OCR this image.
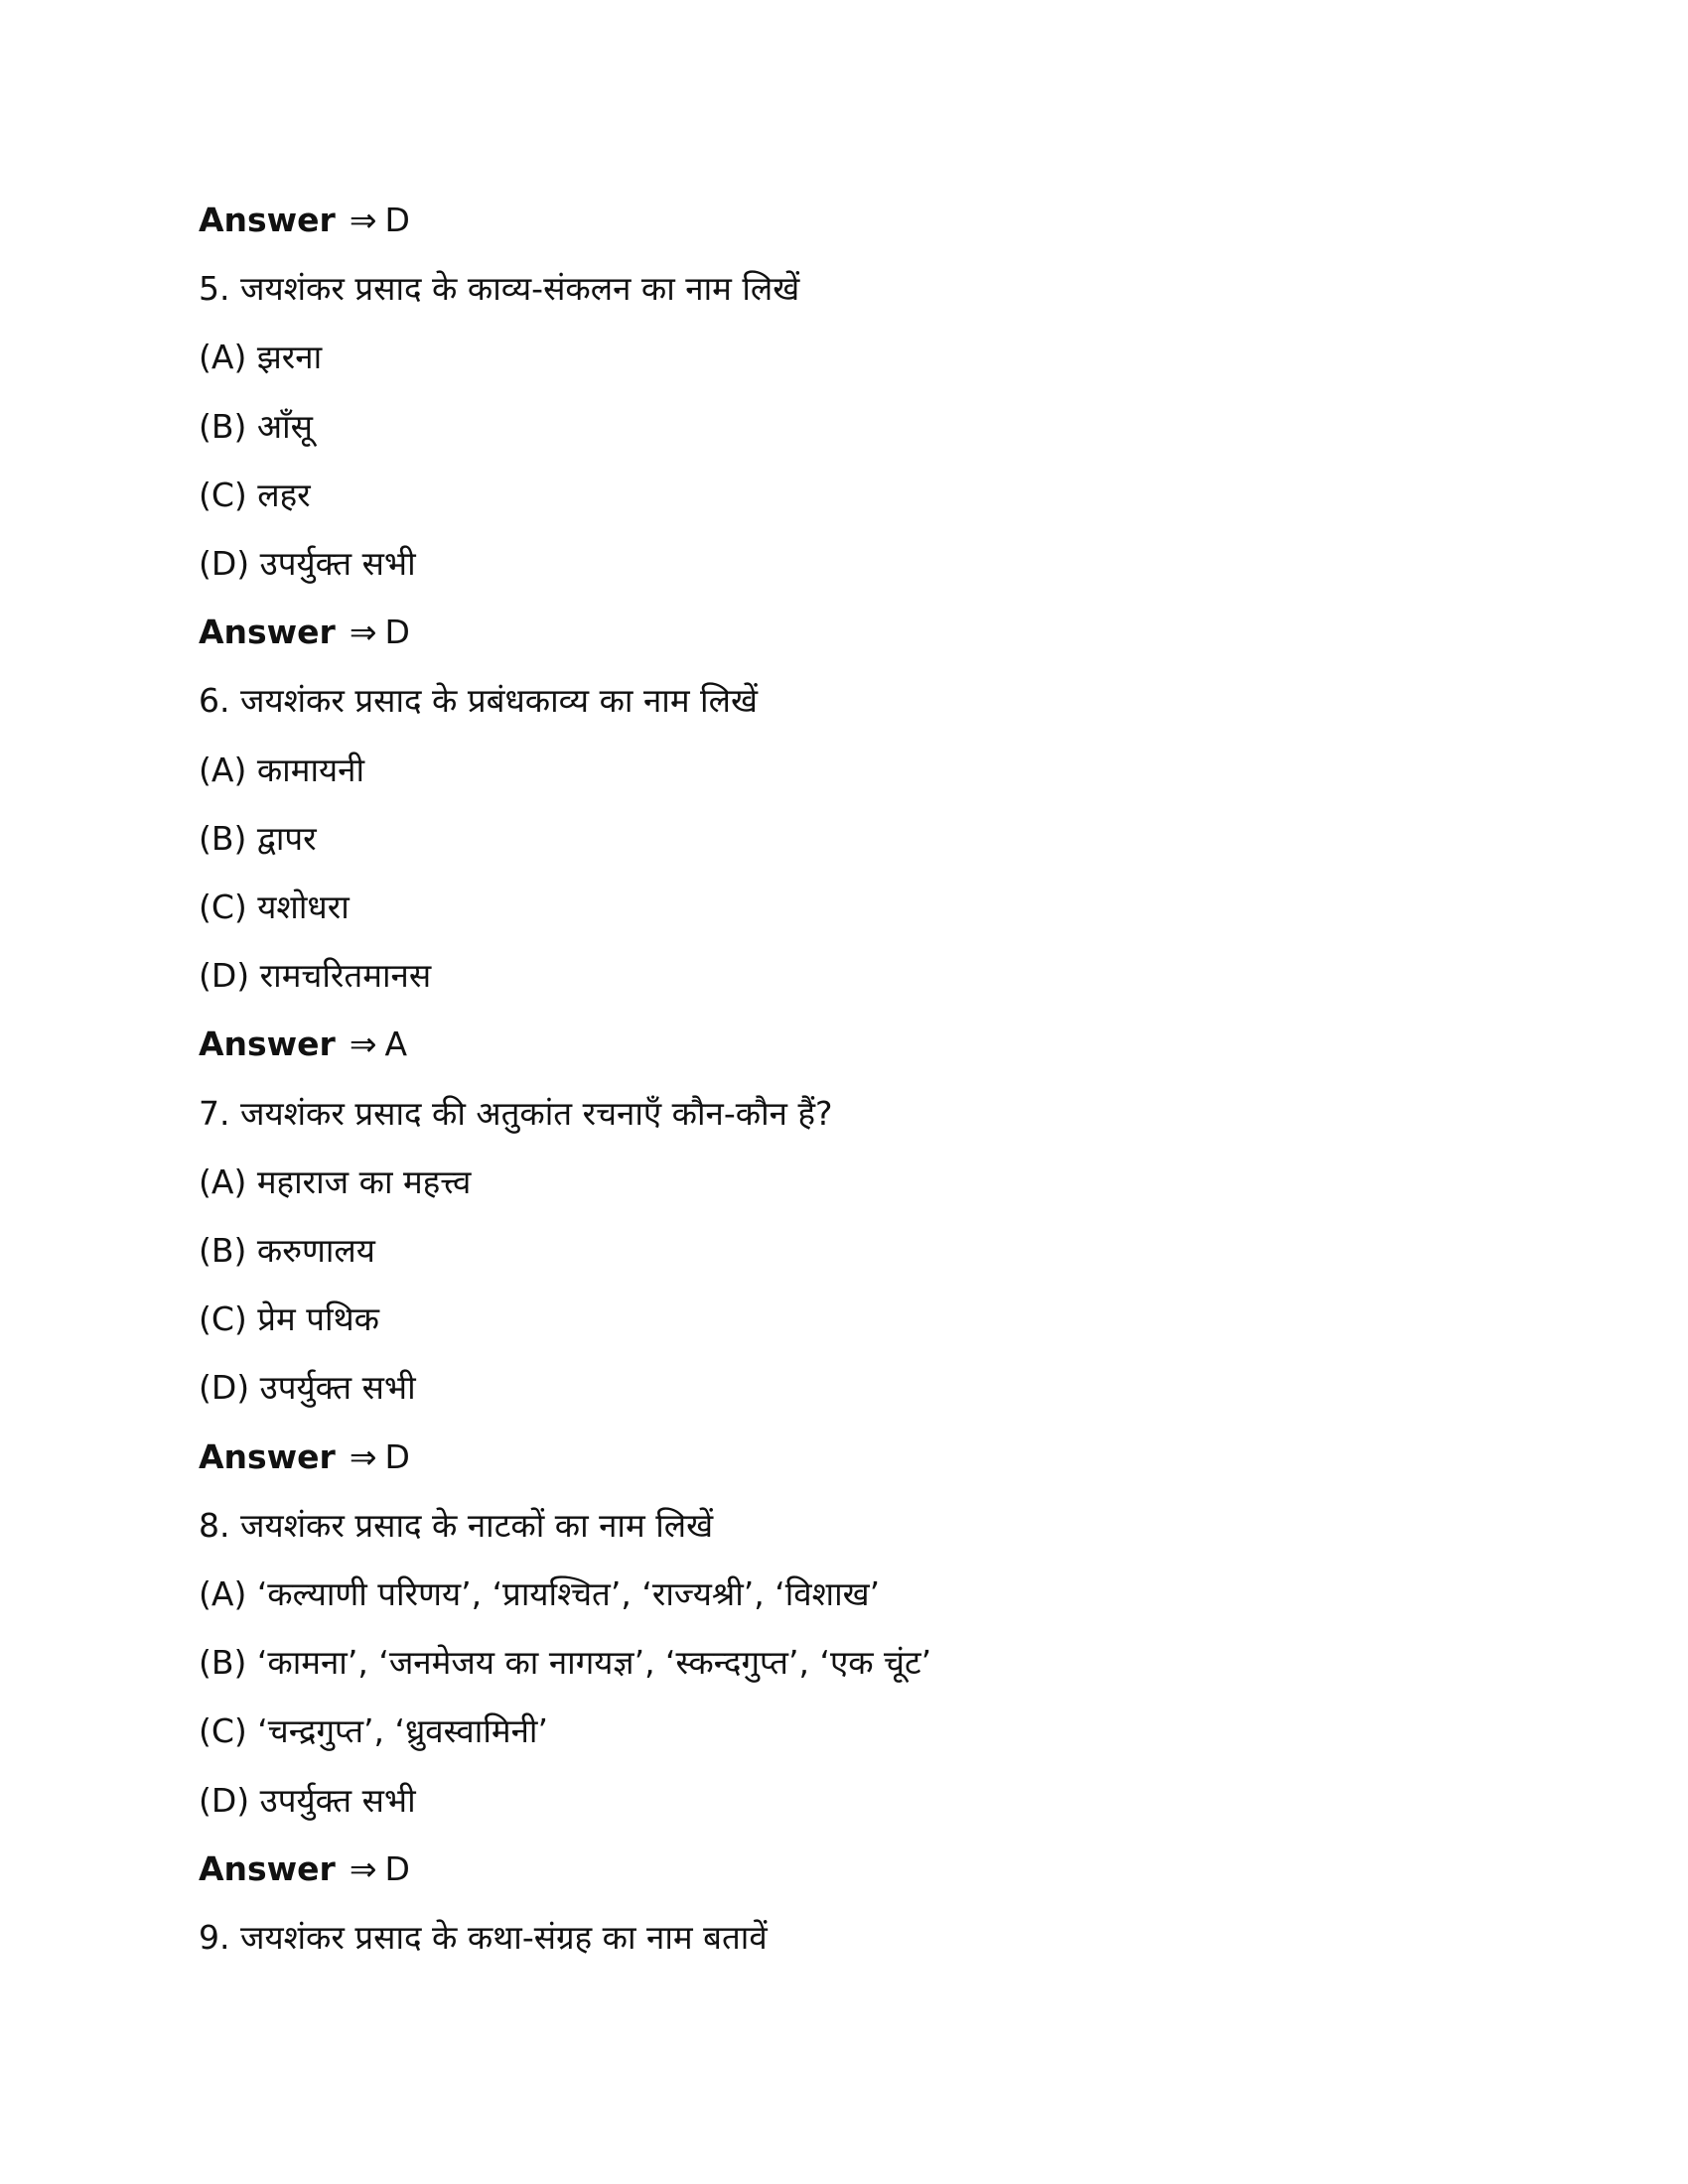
Answer ⇒ D
5. जयशंकर प्रसाद के काव्य-संकलन का नाम लिखें
(A) झरना
(B) आँसू
(C) लहर
(D) उपर्युक्त सभी
Answer ⇒ D
6. जयशंकर प्रसाद के प्रबंधकाव्य का नाम लिखें
(A) कामायनी
(B) द्वापर
(C) यशोधरा
(D) रामचरितमानस
Answer ⇒ A
7. जयशंकर प्रसाद की अतुकांत रचनाएँ कौन-कौन हैं?
(A) महाराज का महत्त्व
(B) करुणालय
(C) प्रेम पथिक
(D) उपर्युक्त सभी
Answer ⇒ D
8. जयशंकर प्रसाद के नाटकों का नाम लिखें
(A) ‘कल्याणी परिणय’, ‘प्रायश्चित’, ‘राज्यश्री’, ‘विशाख’
(B) ‘कामना’, ‘जनमेजय का नागयज्ञ’, ‘स्कन्दगुप्त’, ‘एक चूंट’
(C) ‘चन्द्रगुप्त’, ‘ध्रुवस्वामिनी’
(D) उपर्युक्त सभी
Answer ⇒ D
9. जयशंकर प्रसाद के कथा-संग्रह का नाम बतावें
